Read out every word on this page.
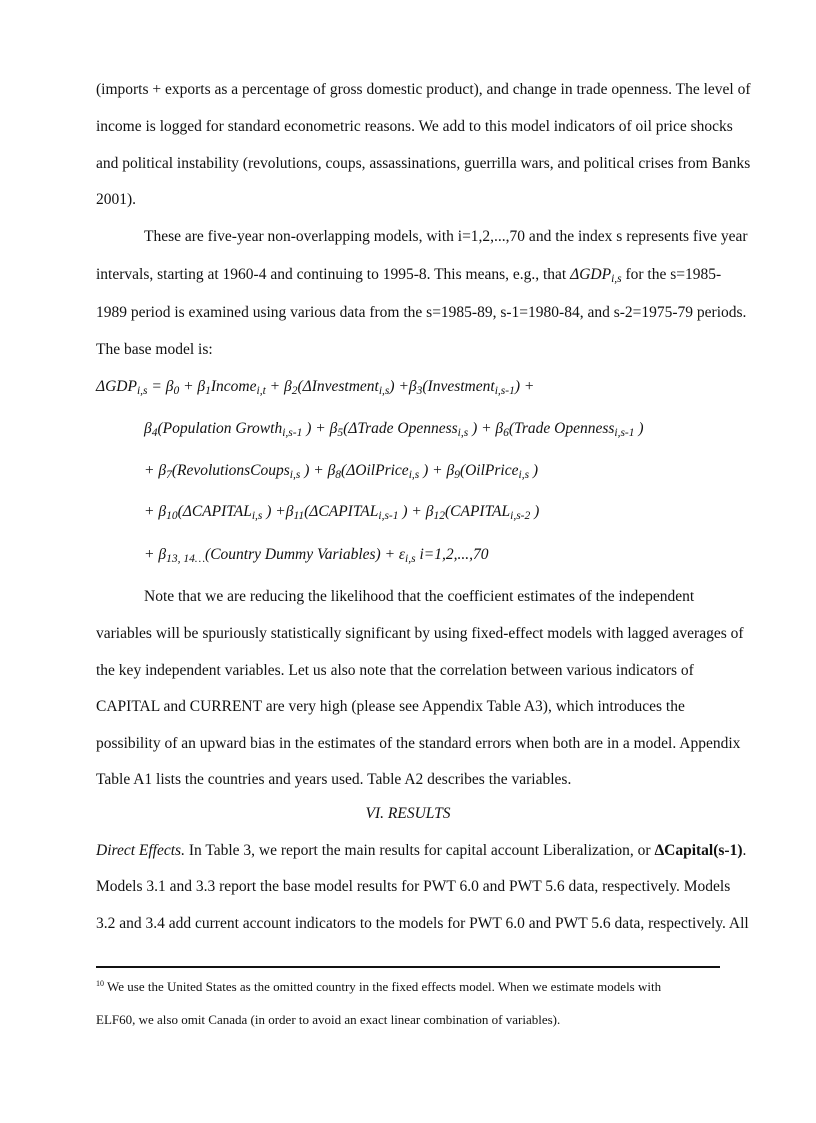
(imports + exports as a percentage of gross domestic product), and change in trade openness. The level of
income is logged for standard econometric reasons. We add to this model indicators of oil price shocks
and political instability (revolutions, coups, assassinations, guerrilla wars, and political crises from Banks
2001).
These are five-year non-overlapping models, with i=1,2,...,70 and the index s represents five year
intervals, starting at 1960-4 and continuing to 1995-8. This means, e.g., that ΔGDPi,s for the s=1985-
1989 period is examined using various data from the s=1985-89, s-1=1980-84, and s-2=1975-79 periods.
The base model is:
ΔGDPi,s = β0 + β1Incomei,t + β2(ΔInvestmenti,s) +β3(Investmenti,s-1) +
β4(Population Growthi,s-1 ) + β5(ΔTrade Opennessi,s ) + β6(Trade Opennessi,s-1 )
+ β7(RevolutionsCoupsi,s ) + β8(ΔOilPricei,s ) + β9(OilPricei,s )
+ β10(ΔCAPITALi,s ) +β11(ΔCAPITALi,s-1 ) + β12(CAPITALi,s-2 )
+ β13, 14…(Country Dummy Variables) + εi,s i=1,2,...,70
Note that we are reducing the likelihood that the coefficient estimates of the independent
variables will be spuriously statistically significant by using fixed-effect models with lagged averages of
the key independent variables. Let us also note that the correlation between various indicators of
CAPITAL and CURRENT are very high (please see Appendix Table A3), which introduces the
possibility of an upward bias in the estimates of the standard errors when both are in a model. Appendix
Table A1 lists the countries and years used. Table A2 describes the variables.
VI. RESULTS
Direct Effects. In Table 3, we report the main results for capital account Liberalization, or ΔCapital(s-1).
Models 3.1 and 3.3 report the base model results for PWT 6.0 and PWT 5.6 data, respectively. Models
3.2 and 3.4 add current account indicators to the models for PWT 6.0 and PWT 5.6 data, respectively. All
$^{10}$ We use the United States as the omitted country in the fixed effects model. When we estimate models with
ELF60, we also omit Canada (in order to avoid an exact linear combination of variables).
